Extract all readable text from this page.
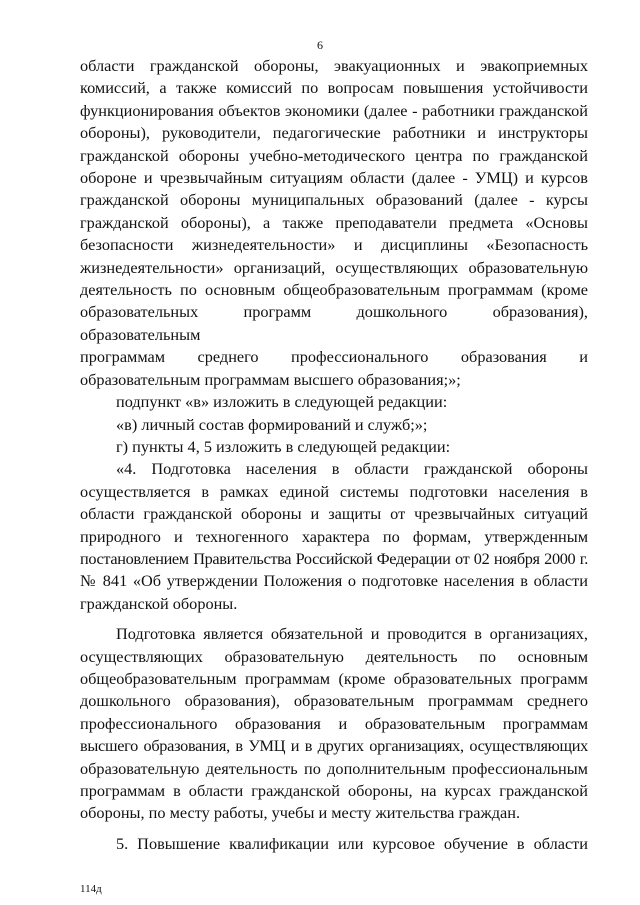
6
области гражданской обороны, эвакуационных и эвакоприемных
комиссий, а также комиссий по вопросам повышения устойчивости
функционирования объектов экономики (далее - работники гражданской
обороны), руководители, педагогические работники и инструкторы
гражданской обороны учебно-методического центра по гражданской
обороне и чрезвычайным ситуациям области (далее - УМЦ) и курсов
гражданской обороны муниципальных образований (далее - курсы
гражданской обороны), а также преподаватели предмета «Основы
безопасности жизнедеятельности» и дисциплины «Безопасность
жизнедеятельности» организаций, осуществляющих образовательную
деятельность по основным общеобразовательным программам (кроме
образовательных программ дошкольного образования), образовательным
программам среднего профессионального образования и
образовательным программам высшего образования;»;
подпункт «в» изложить в следующей редакции:
«в) личный состав формирований и служб;»;
г) пункты 4, 5 изложить в следующей редакции:
«4. Подготовка населения в области гражданской обороны
осуществляется в рамках единой системы подготовки населения в
области гражданской обороны и защиты от чрезвычайных ситуаций
природного и техногенного характера по формам, утвержденным
постановлением Правительства Российской Федерации от 02 ноября 2000 г.
№ 841 «Об утверждении Положения о подготовке населения в области
гражданской обороны.
Подготовка является обязательной и проводится в организациях,
осуществляющих образовательную деятельность по основным
общеобразовательным программам (кроме образовательных программ
дошкольного образования), образовательным программам среднего
профессионального образования и образовательным программам
высшего образования, в УМЦ и в других организациях, осуществляющих
образовательную деятельность по дополнительным профессиональным
программам в области гражданской обороны, на курсах гражданской
обороны, по месту работы, учебы и месту жительства граждан.
5. Повышение квалификации или курсовое обучение в области
114д
